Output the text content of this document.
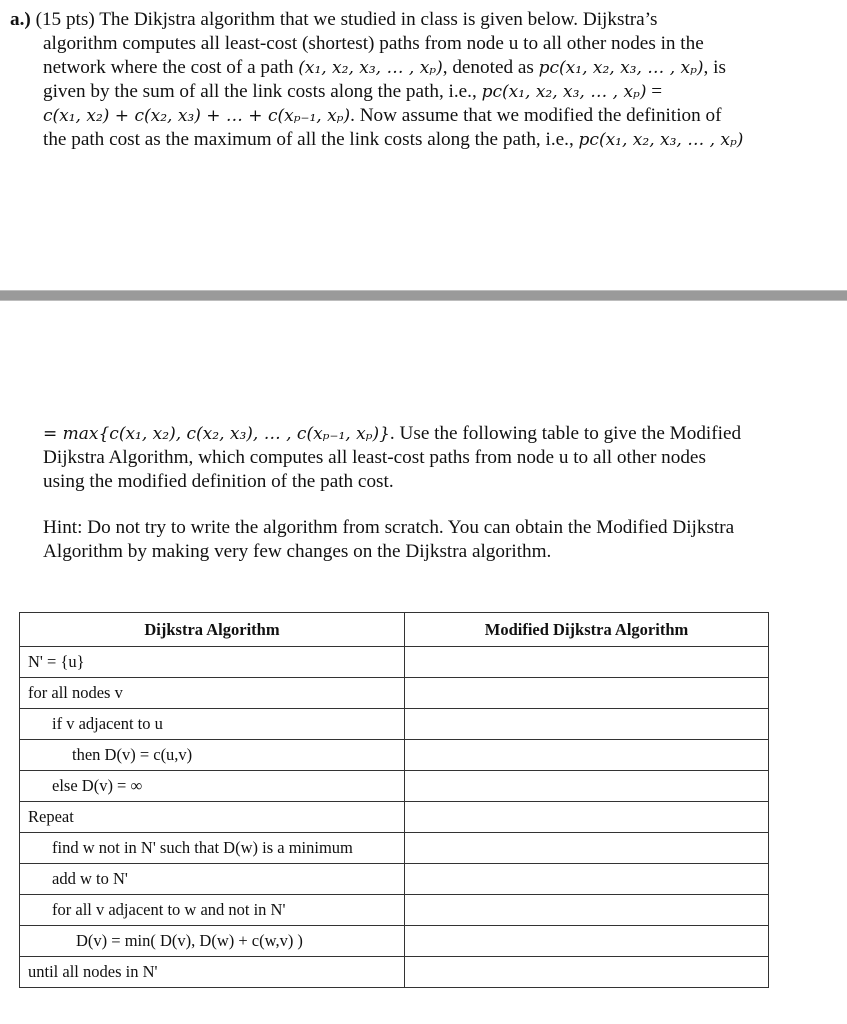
a.) (15 pts) The Dikjstra algorithm that we studied in class is given below. Dijkstra’s
algorithm computes all least-cost (shortest) paths from node u to all other nodes in the
network where the cost of a path (x₁, x₂, x₃, … , xₚ), denoted as pc(x₁, x₂, x₃, … , xₚ), is
given by the sum of all the link costs along the path, i.e., pc(x₁, x₂, x₃, … , xₚ) =
c(x₁, x₂) + c(x₂, x₃) + … + c(xₚ₋₁, xₚ). Now assume that we modified the definition of
the path cost as the maximum of all the link costs along the path, i.e., pc(x₁, x₂, x₃, … , xₚ)
= max{c(x₁, x₂), c(x₂, x₃), … , c(xₚ₋₁, xₚ)}. Use the following table to give the Modified
Dijkstra Algorithm, which computes all least-cost paths from node u to all other nodes
using the modified definition of the path cost.
Hint: Do not try to write the algorithm from scratch. You can obtain the Modified Dijkstra
Algorithm by making very few changes on the Dijkstra algorithm.
Dijkstra Algorithm	Modified Dijkstra Algorithm
N' = {u}	
for all nodes v	
if v adjacent to u	
then D(v) = c(u,v)	
else D(v) = ∞	
Repeat	
find w not in N' such that D(w) is a minimum	
add w to N'	
for all v adjacent to w and not in N'	
D(v) = min( D(v), D(w) + c(w,v) )	
until all nodes in N'	
